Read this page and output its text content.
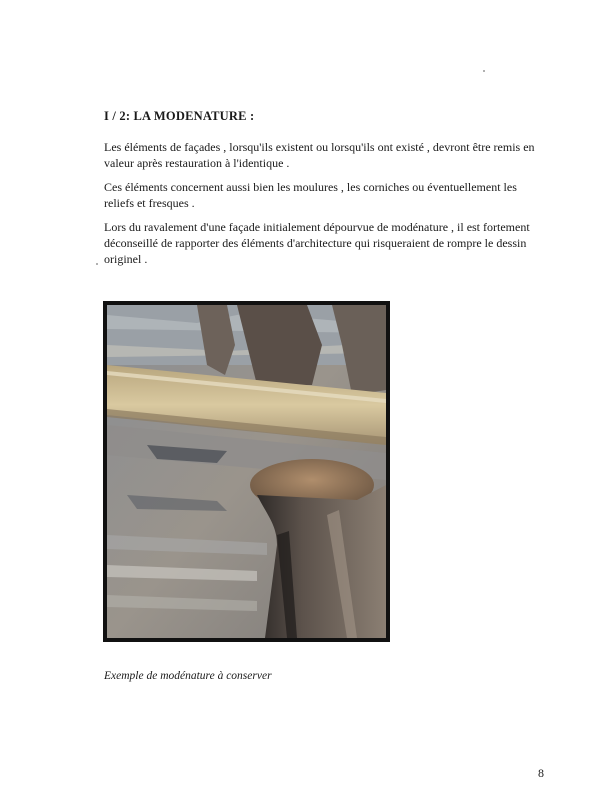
I / 2: LA MODENATURE :
Les éléments de façades , lorsqu'ils existent ou lorsqu'ils ont existé , devront être remis en valeur après restauration à l'identique .
Ces éléments concernent aussi bien les moulures , les corniches ou éventuellement les reliefs et fresques .
Lors du ravalement d'une façade initialement dépourvue de modénature , il est fortement déconseillé de rapporter des éléments d'architecture qui risqueraient de rompre le dessin originel .
Exemple de modénature à conserver
8
